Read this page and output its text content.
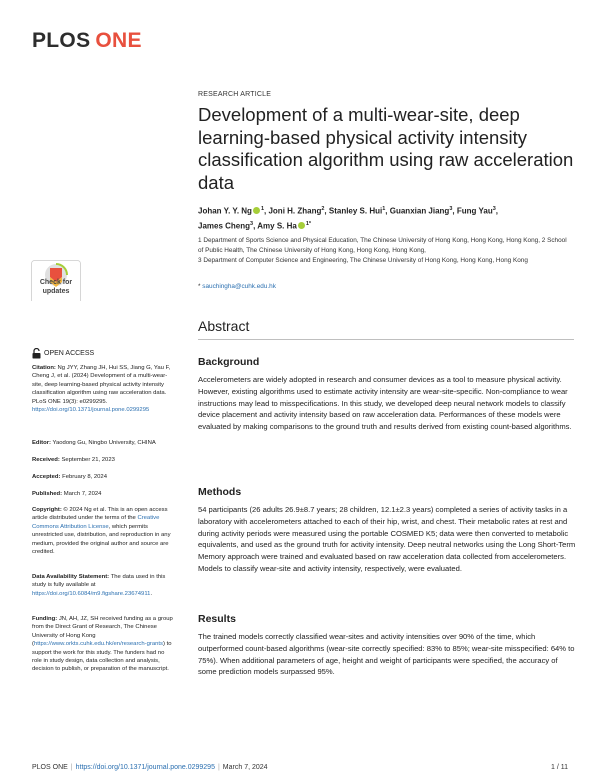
PLOS ONE
RESEARCH ARTICLE
Development of a multi-wear-site, deep learning-based physical activity intensity classification algorithm using raw acceleration data
Johan Y. Y. Ng $^1$, Joni H. Zhang$^2$, Stanley S. Hui$^1$, Guanxian Jiang$^3$, Fung Yau$^3$,
James Cheng$^3$, Amy S. Ha $^{1*}$

1 Department of Sports Science and Physical Education, The Chinese University of Hong Kong, Hong Kong, Hong Kong, 2 School of Public Health, The Chinese University of Hong Kong, Hong Kong, Hong Kong,

3 Department of Computer Science and Engineering, The Chinese University of Hong Kong, Hong Kong, Hong Kong

* sauchingha@cuhk.edu.hk
Abstract
Background
Accelerometers are widely adopted in research and consumer devices as a tool to measure physical activity. However, existing algorithms used to estimate activity intensity are wear-site-specific. Non-compliance to wear instructions may lead to misspecifications. In this study, we developed deep neural network models to classify device placement and activity intensity based on raw acceleration data. Performances of these models were evaluated by making comparisons to the ground truth and results derived from existing count-based algorithms.
Methods
54 participants (26 adults 26.9±8.7 years; 28 children, 12.1±2.3 years) completed a series of activity tasks in a laboratory with accelerometers attached to each of their hip, wrist, and chest. Their metabolic rates at rest and during activity periods were measured using the portable COSMED K5; data were then converted to metabolic equivalents, and used as the ground truth for activity intensity. Deep neutral networks using the Long Short-Term Memory approach were trained and evaluated based on raw acceleration data collected from accelerometers. Models to classify wear-site and activity intensity, respectively, were evaluated.
Results
The trained models correctly classified wear-sites and activity intensities over 90% of the time, which outperformed count-based algorithms (wear-site correctly specified: 83% to 85%; wear-site misspecified: 64% to 75%). When additional parameters of age, height and weight of participants were specified, the accuracy of some prediction models surpassed 95%.
Check for updates
OPEN ACCESS
Citation: Ng JYY, Zhang JH, Hui SS, Jiang G, Yau F, Cheng J, et al. (2024) Development of a multi-wear-site, deep learning-based physical activity intensity classification algorithm using raw acceleration data. PLoS ONE 19(3): e0299295. https://doi.org/10.1371/journal.pone.0299295
Editor: Yaodong Gu, Ningbo University, CHINA
Received: September 21, 2023
Accepted: February 8, 2024
Published: March 7, 2024
Copyright: © 2024 Ng et al. This is an open access article distributed under the terms of the Creative Commons Attribution License, which permits unrestricted use, distribution, and reproduction in any medium, provided the original author and source are credited.
Data Availability Statement: The data used in this study is fully available at https://doi.org/10.6084/m9.figshare.23674911.
Funding: JN, AH, JZ, SH received funding as a group from the Direct Grant of Research, The Chinese University of Hong Kong (https://www.orkts.cuhk.edu.hk/en/research-grants) to support the work for this study. The funders had no role in study design, data collection and analysis, decision to publish, or preparation of the manuscript.
PLOS ONE | https://doi.org/10.1371/journal.pone.0299295 | March 7, 2024	1 / 11
